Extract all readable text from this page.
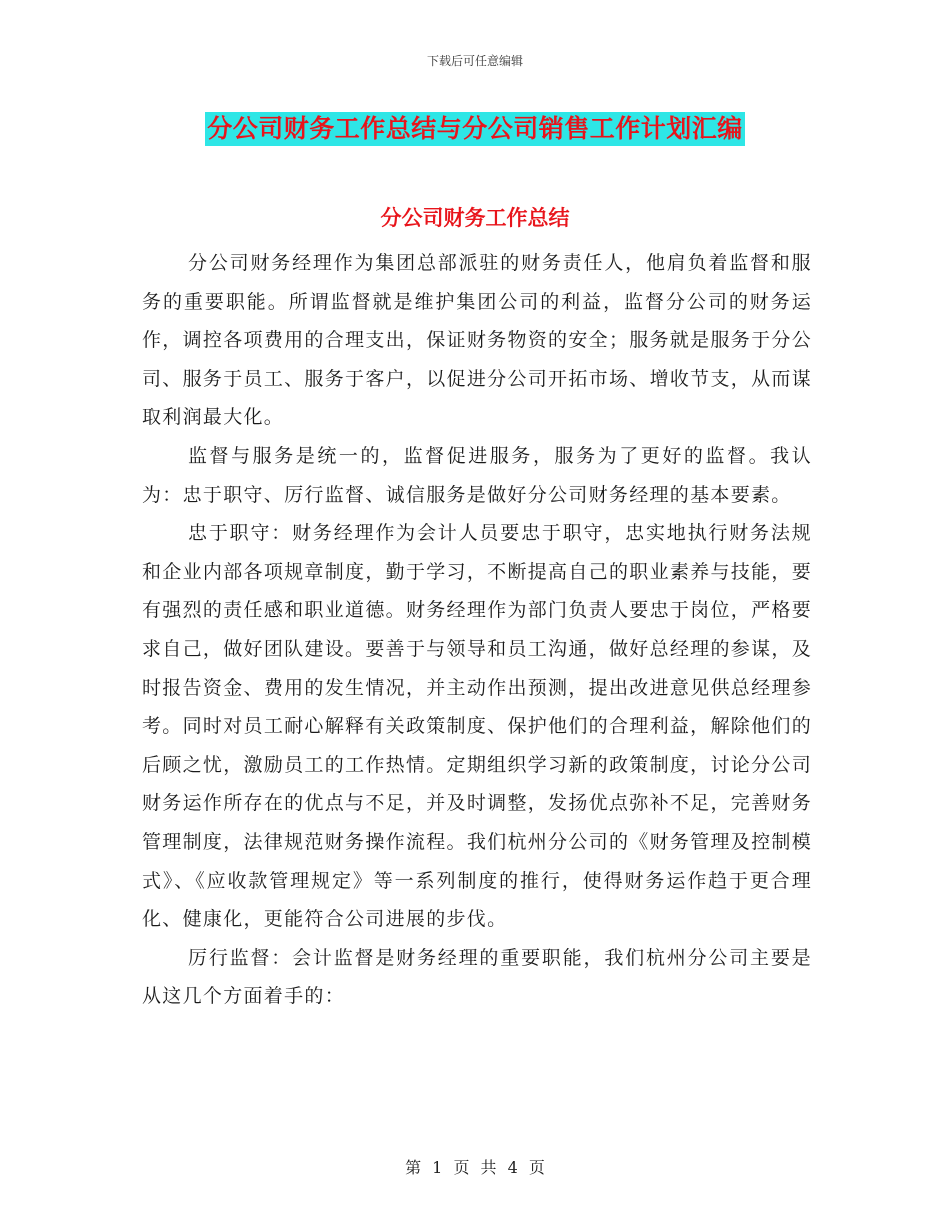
下载后可任意编辑
分公司财务工作总结与分公司销售工作计划汇编
分公司财务工作总结

分公司财务经理作为集团总部派驻的财务责任人，他肩负着监督和服务的重要职能。所谓监督就是维护集团公司的利益，监督分公司的财务运作，调控各项费用的合理支出，保证财务物资的安全；服务就是服务于分公司、服务于员工、服务于客户，以促进分公司开拓市场、增收节支，从而谋取利润最大化。

监督与服务是统一的，监督促进服务，服务为了更好的监督。我认为：忠于职守、厉行监督、诚信服务是做好分公司财务经理的基本要素。

忠于职守：财务经理作为会计人员要忠于职守，忠实地执行财务法规和企业内部各项规章制度，勤于学习，不断提高自己的职业素养与技能，要有强烈的责任感和职业道德。财务经理作为部门负责人要忠于岗位，严格要求自己，做好团队建设。要善于与领导和员工沟通，做好总经理的参谋，及时报告资金、费用的发生情况，并主动作出预测，提出改进意见供总经理参考。同时对员工耐心解释有关政策制度、保护他们的合理利益，解除他们的后顾之忧，激励员工的工作热情。定期组织学习新的政策制度，讨论分公司财务运作所存在的优点与不足，并及时调整，发扬优点弥补不足，完善财务管理制度，法律规范财务操作流程。我们杭州分公司的《财务管理及控制模式》、《应收款管理规定》等一系列制度的推行，使得财务运作趋于更合理化、健康化，更能符合公司进展的步伐。

厉行监督：会计监督是财务经理的重要职能，我们杭州分公司主要是从这几个方面着手的：

第 1 页 共 4 页
